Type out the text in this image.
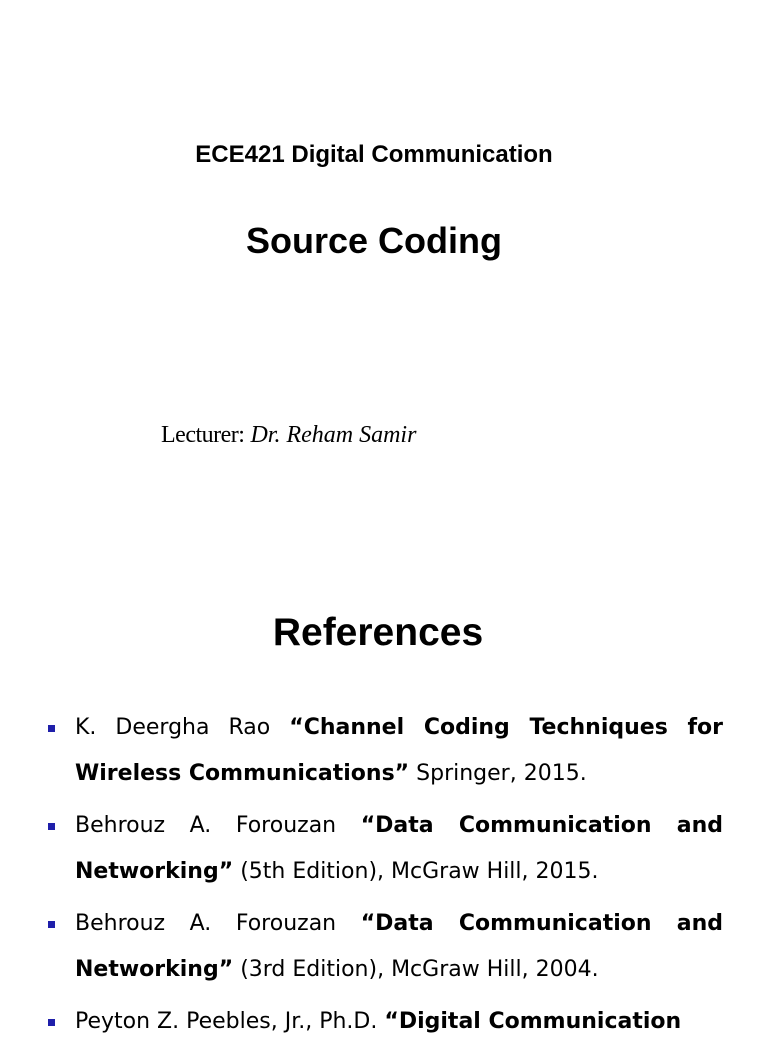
ECE421 Digital Communication
Source Coding
Lecturer: Dr. Reham Samir
References
K. Deergha Rao “Channel Coding Techniques for Wireless Communications” Springer, 2015.
Behrouz A. Forouzan “Data Communication and Networking” (5th Edition), McGraw Hill, 2015.
Behrouz A. Forouzan “Data Communication and Networking” (3rd Edition), McGraw Hill, 2004.
Peyton Z. Peebles, Jr., Ph.D. “Digital Communication
